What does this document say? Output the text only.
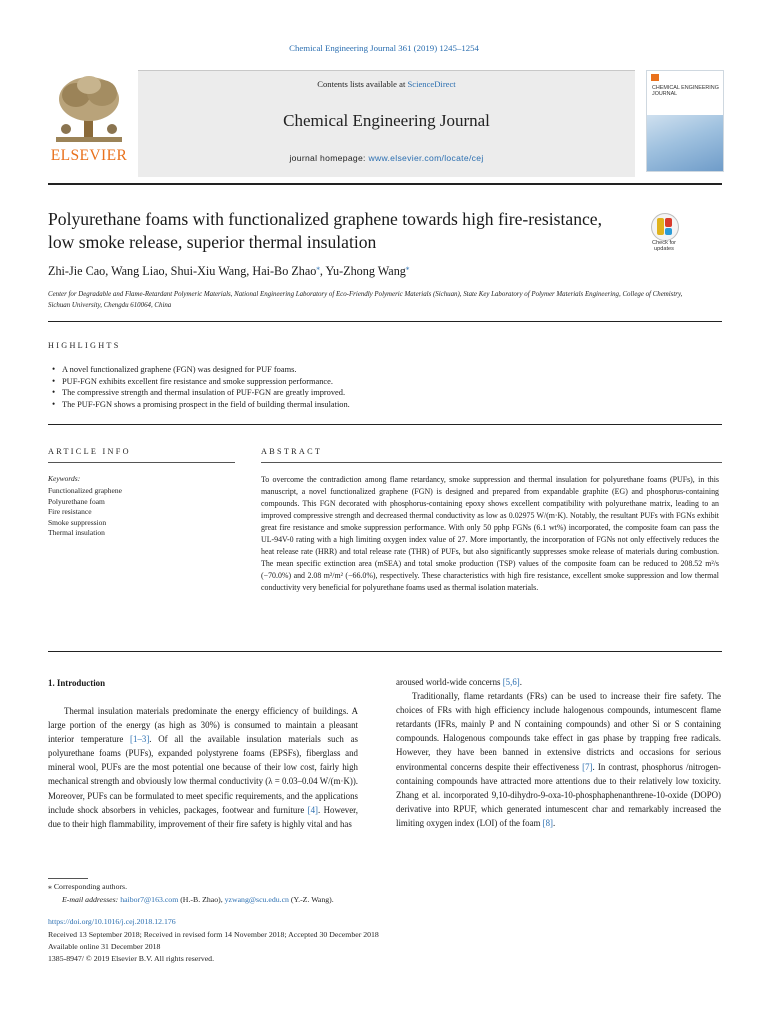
Chemical Engineering Journal 361 (2019) 1245–1254
ELSEVIER
Contents lists available at ScienceDirect
Chemical Engineering Journal
journal homepage: www.elsevier.com/locate/cej
CHEMICAL ENGINEERING JOURNAL
Polyurethane foams with functionalized graphene towards high fire-resistance, low smoke release, superior thermal insulation	Check for updates
Zhi-Jie Cao, Wang Liao, Shui-Xiu Wang, Hai-Bo Zhao⁎, Yu-Zhong Wang⁎
Center for Degradable and Flame-Retardant Polymeric Materials, National Engineering Laboratory of Eco-Friendly Polymeric Materials (Sichuan), State Key Laboratory of Polymer Materials Engineering, College of Chemistry, Sichuan University, Chengdu 610064, China
HIGHLIGHTS
• A novel functionalized graphene (FGN) was designed for PUF foams.
• PUF-FGN exhibits excellent fire resistance and smoke suppression performance.
• The compressive strength and thermal insulation of PUF-FGN are greatly improved.
• The PUF-FGN shows a promising prospect in the field of building thermal insulation.
ARTICLE INFO
Keywords:
Functionalized graphene
Polyurethane foam
Fire resistance
Smoke suppression
Thermal insulation
ABSTRACT
To overcome the contradiction among flame retardancy, smoke suppression and thermal insulation for polyurethane foams (PUFs), in this manuscript, a novel functionalized graphene (FGN) is designed and prepared from expandable graphite (EG) and phosphorus-containing compounds. This FGN decorated with phosphorus-containing epoxy shows excellent compatibility with polyurethane matrix, leading to an improved compressive strength and decreased thermal conductivity as low as 0.02975 W/(m·K). Notably, the resultant PUFs with FGNs exhibit great fire resistance and smoke suppression performance. With only 50 pphp FGNs (6.1 wt%) incorporated, the composite foam can pass the UL-94V-0 rating with a high limiting oxygen index value of 27. More importantly, the incorporation of FGNs not only effectively reduces the heat release rate (HRR) and total release rate (THR) of PUFs, but also significantly suppresses smoke release of materials during combustion. The mean specific extinction area (mSEA) and total smoke production (TSP) values of the composite foam can be reduced to 208.52 m²/s (−70.0%) and 2.08 m²/m² (−66.0%), respectively. These characteristics with high fire resistance, excellent smoke suppression and low thermal conductivity very beneficial for polyurethane foams used as thermal isolation materials.
1. Introduction
Thermal insulation materials predominate the energy efficiency of buildings. A large portion of the energy (as high as 30%) is consumed to maintain a pleasant interior temperature [1–3]. Of all the available insulation materials such as polyurethane foams (PUFs), expanded polystyrene foams (EPSFs), fiberglass and mineral wool, PUFs are the most potential one because of their low cost, fairly high mechanical strength and obviously low thermal conductivity (λ = 0.03–0.04 W/(m·K)). Moreover, PUFs can be formulated to meet specific requirements, and the applications include shock absorbers in vehicles, packages, footwear and furniture [4]. However, due to their high flammability, improvement of their fire safety is highly vital and has

aroused world-wide concerns [5,6].

Traditionally, flame retardants (FRs) can be used to increase their fire safety. The choices of FRs with high efficiency include halogenous compounds, intumescent flame retardants (IFRs, mainly P and N containing compounds) and other Si or S containing compounds. Halogenous compounds take effect in gas phase by trapping free radicals. However, they have been banned in extensive districts and occasions for serious environmental concerns despite their effectiveness [7]. In contrast, phosphorus /nitrogen-containing compounds have attracted more attentions due to their relatively low toxicity. Zhang et al. incorporated 9,10-dihydro-9-oxa-10-phosphaphenanthrene-10-oxide (DOPO) derivative into RPUF, which generated intumescent char and remarkably increased the limiting oxygen index (LOI) of the foam [8].

⁎ Corresponding authors.
E-mail addresses: haibor7@163.com (H.-B. Zhao), yzwang@scu.edu.cn (Y.-Z. Wang).
https://doi.org/10.1016/j.cej.2018.12.176
Received 13 September 2018; Received in revised form 14 November 2018; Accepted 30 December 2018
Available online 31 December 2018
1385-8947/ © 2019 Elsevier B.V. All rights reserved.
